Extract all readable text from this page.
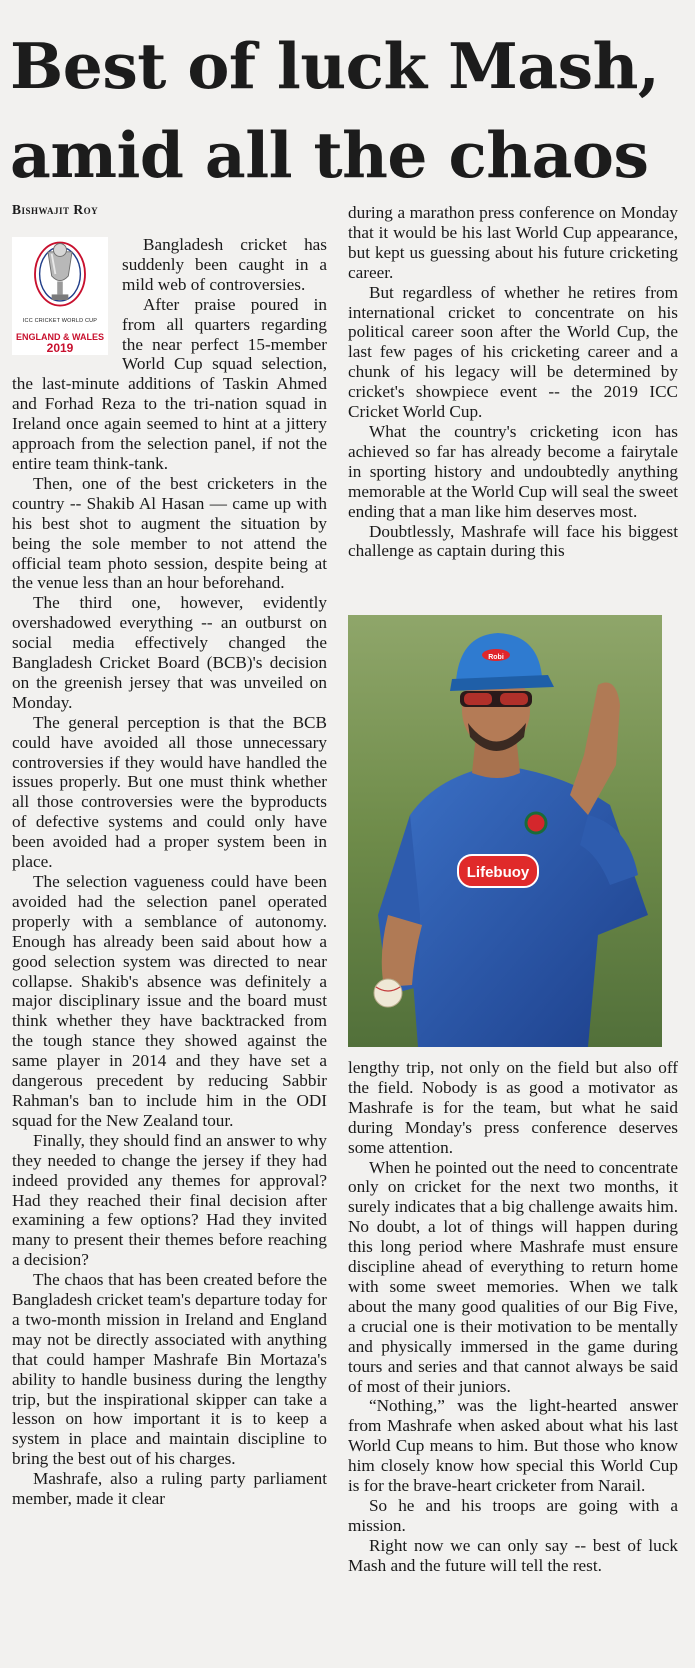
Best of luck Mash,
amid all the chaos
Bishwajit Roy
ICC CRICKET WORLD CUP
ENGLAND & WALES
2019

Bangladesh cricket has suddenly been caught in a mild web of controversies.

After praise poured in from all quarters regarding the near perfect 15-member World Cup squad selection, the last-minute additions of Taskin Ahmed and Forhad Reza to the tri-nation squad in Ireland once again seemed to hint at a jittery approach from the selection panel, if not the entire team think-tank.

Then, one of the best cricketers in the country -- Shakib Al Hasan — came up with his best shot to augment the situation by being the sole member to not attend the official team photo session, despite being at the venue less than an hour beforehand.

The third one, however, evidently overshadowed everything -- an outburst on social media effectively changed the Bangladesh Cricket Board (BCB)'s decision on the greenish jersey that was unveiled on Monday.

The general perception is that the BCB could have avoided all those unnecessary controversies if they would have handled the issues properly. But one must think whether all those controversies were the byproducts of defective systems and could only have been avoided had a proper system been in place.

The selection vagueness could have been avoided had the selection panel operated properly with a semblance of autonomy. Enough has already been said about how a good selection system was directed to near collapse. Shakib's absence was definitely a major disciplinary issue and the board must think whether they have backtracked from the tough stance they showed against the same player in 2014 and they have set a dangerous precedent by reducing Sabbir Rahman's ban to include him in the ODI squad for the New Zealand tour.

Finally, they should find an answer to why they needed to change the jersey if they had indeed provided any themes for approval? Had they reached their final decision after examining a few options? Had they invited many to present their themes before reaching a decision?

The chaos that has been created before the Bangladesh cricket team's departure today for a two-month mission in Ireland and England may not be directly associated with anything that could hamper Mashrafe Bin Mortaza's ability to handle business during the lengthy trip, but the inspirational skipper can take a lesson on how important it is to keep a system in place and maintain discipline to bring the best out of his charges.

Mashrafe, also a ruling party parliament member, made it clear

during a marathon press conference on Monday that it would be his last World Cup appearance, but kept us guessing about his future cricketing career.

But regardless of whether he retires from international cricket to concentrate on his political career soon after the World Cup, the last few pages of his cricketing career and a chunk of his legacy will be determined by cricket's showpiece event -- the 2019 ICC Cricket World Cup.

What the country's cricketing icon has achieved so far has already become a fairytale in sporting history and undoubtedly anything memorable at the World Cup will seal the sweet ending that a man like him deserves most.

Doubtlessly, Mashrafe will face his biggest challenge as captain during this

Lifebuoy
Robi

lengthy trip, not only on the field but also off the field. Nobody is as good a motivator as Mashrafe is for the team, but what he said during Monday's press conference deserves some attention.

When he pointed out the need to concentrate only on cricket for the next two months, it surely indicates that a big challenge awaits him. No doubt, a lot of things will happen during this long period where Mashrafe must ensure discipline ahead of everything to return home with some sweet memories. When we talk about the many good qualities of our Big Five, a crucial one is their motivation to be mentally and physically immersed in the game during tours and series and that cannot always be said of most of their juniors.

“Nothing,” was the light-hearted answer from Mashrafe when asked about what his last World Cup means to him. But those who know him closely know how special this World Cup is for the brave-heart cricketer from Narail.

So he and his troops are going with a mission.

Right now we can only say -- best of luck Mash and the future will tell the rest.
